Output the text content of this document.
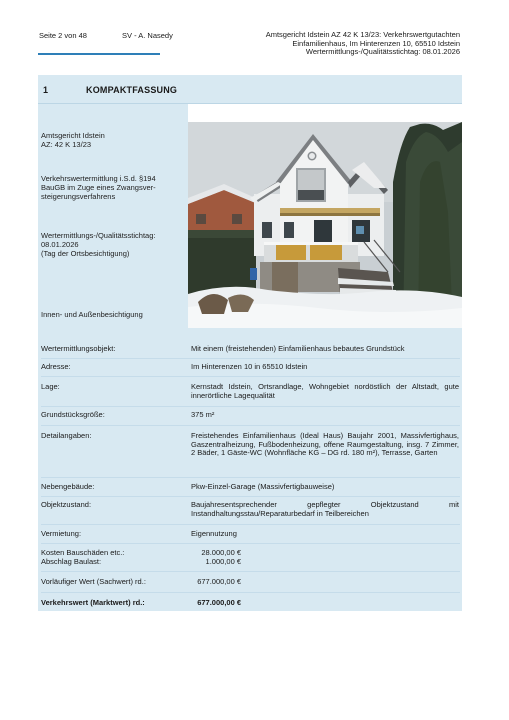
Seite 2 von 48	SV - A. Nasedy	Amtsgericht Idstein AZ 42 K 13/23: Verkehrswertgutachten
Einfamilienhaus, Im Hinterenzen 10, 65510 Idstein
Wertermittlungs-/Qualitätsstichtag: 08.01.2026
1	KOMPAKTFASSUNG
Amtsgericht Idstein
AZ: 42 K 13/23
Verkehrswertermittlung i.S.d. §194
BauGB im Zuge eines Zwangsver-
steigerungsverfahrens
Wertermittlungs-/Qualitätsstichtag:
08.01.2026
(Tag der Ortsbesichtigung)
Innen- und Außenbesichtigung
Wertermittlungsobjekt:	Mit einem (freistehenden) Einfamilienhaus bebautes Grundstück
Adresse:	Im Hinterenzen 10 in 65510 Idstein
Lage:	Kernstadt Idstein, Ortsrandlage, Wohngebiet nordöstlich der Altstadt, gute innerörtliche Lagequalität
Grundstücksgröße:	375 m²
Detailangaben:	Freistehendes Einfamilienhaus (Ideal Haus) Baujahr 2001, Massivfertighaus, Gaszentralheizung, Fußbodenheizung, offene Raumgestaltung, insg. 7 Zimmer, 2 Bäder, 1 Gäste-WC (Wohnfläche KG – DG rd. 180 m²), Terrasse, Garten
Nebengebäude:	Pkw-Einzel-Garage (Massivfertigbauweise)
Objektzustand:	Baujahresentsprechender gepflegter Objektzustand mit Instandhaltungsstau/Reparaturbedarf in Teilbereichen
Vermietung:	Eigennutzung
Kosten Bauschäden etc.:	28.000,00 €
Abschlag Baulast:	1.000,00 €
Vorläufiger Wert (Sachwert) rd.:	677.000,00 €
Verkehrswert (Marktwert) rd.:	677.000,00 €
